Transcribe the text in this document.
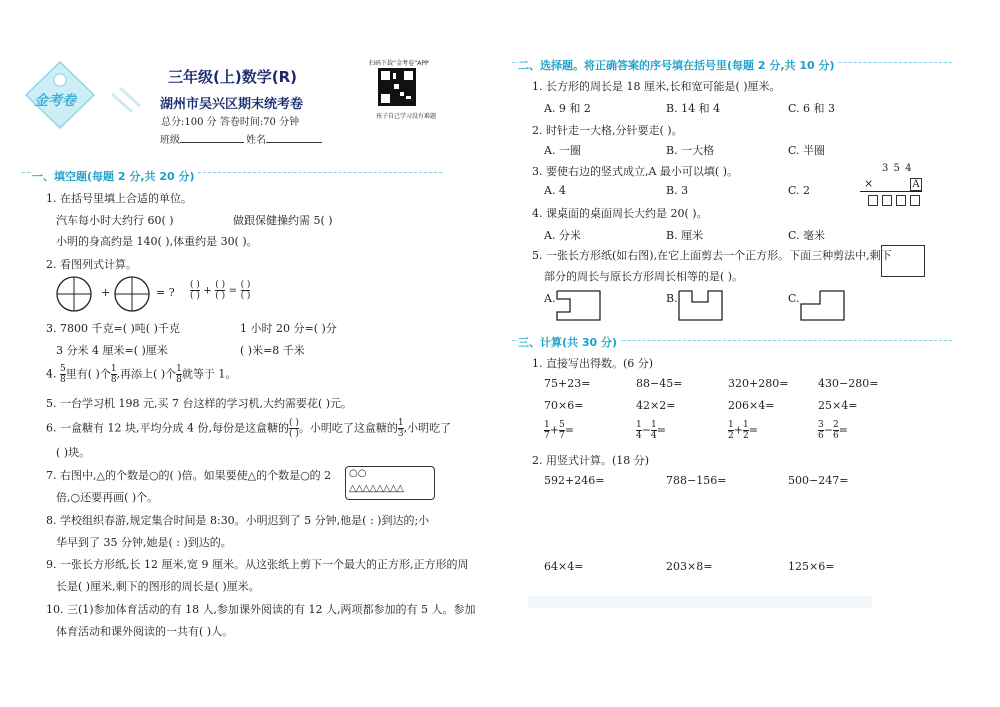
金考卷
三年级(上)数学(R)
湖州市吴兴区期末统考卷
总分:100 分 答卷时间:70 分钟
班级	姓名
扫码下载“金考卷”APP
孩子自己学习没有难题
一、填空题(每题 2 分,共 20 分)
1. 在括号里填上合适的单位。
汽车每小时大约行 60( )	做跟保健操约需 5( )
小明的身高约是 140( ),体重约是 30( )。
2. 看图列式计算。
+	= ? $\frac{( )}{( )} + \frac{( )}{( )} = \frac{( )}{( )}$
3. 7800 千克=( )吨( )千克	1 小时 20 分=( )分
3 分米 4 厘米=( )厘米	( )米=8 千米
4. $\frac{5}{8}$ 里有( )个 $\frac{1}{8}$ ,再添上( )个 $\frac{1}{8}$ 就等于 1。
5. 一台学习机 198 元,买 7 台这样的学习机,大约需要花( )元。
6. 一盒糖有 12 块,平均分成 4 份,每份是这盒糖的 $\frac{( )}{( )}$ 。小明吃了这盒糖的 $\frac{1}{3}$ ,小明吃了
( )块。
7. 右图中,△的个数是○的( )倍。如果要使△的个数是○的 2
倍,○还要再画( )个。
○○
△△△△△△△△
8. 学校组织春游,规定集合时间是 8:30。小明迟到了 5 分钟,他是( : )到达的;小
华早到了 35 分钟,她是( : )到达的。
9. 一张长方形纸,长 12 厘米,宽 9 厘米。从这张纸上剪下一个最大的正方形,正方形的周
长是( )厘米,剩下的图形的周长是( )厘米。
10. 三(1)参加体育活动的有 18 人,参加课外阅读的有 12 人,两项都参加的有 5 人。参加
体育活动和课外阅读的一共有( )人。
二、选择题。将正确答案的序号填在括号里(每题 2 分,共 10 分)
1. 长方形的周长是 18 厘米,长和宽可能是( )厘米。
A. 9 和 2	B. 14 和 4	C. 6 和 3
2. 时针走一大格,分针要走( )。
A. 一圈	B. 一大格	C. 半圈
3. 要使右边的竖式成立,A 最小可以填( )。
A. 4	B. 3	C. 2
3 5 4
×	A
4. 课桌面的桌面周长大约是 20( )。
A. 分米	B. 厘米	C. 毫米
5. 一张长方形纸(如右图),在它上面剪去一个正方形。下面三种剪法中,剩下
部分的周长与原长方形周长相等的是( )。
A.	B.	C.
三、计算(共 30 分)
1. 直接写出得数。(6 分)
75+23=	88−45=	320+280=	430−280=
70×6=	42×2=	206×4=	25×4=
$\frac{1}{7} + \frac{5}{7}$ =	$\frac{1}{4} - \frac{1}{4}$ =	$\frac{1}{2} + \frac{1}{2}$ =	$\frac{3}{6} - \frac{2}{6}$ =
2. 用竖式计算。(18 分)
592+246=	788−156=	500−247=
64×4=	203×8=	125×6=
